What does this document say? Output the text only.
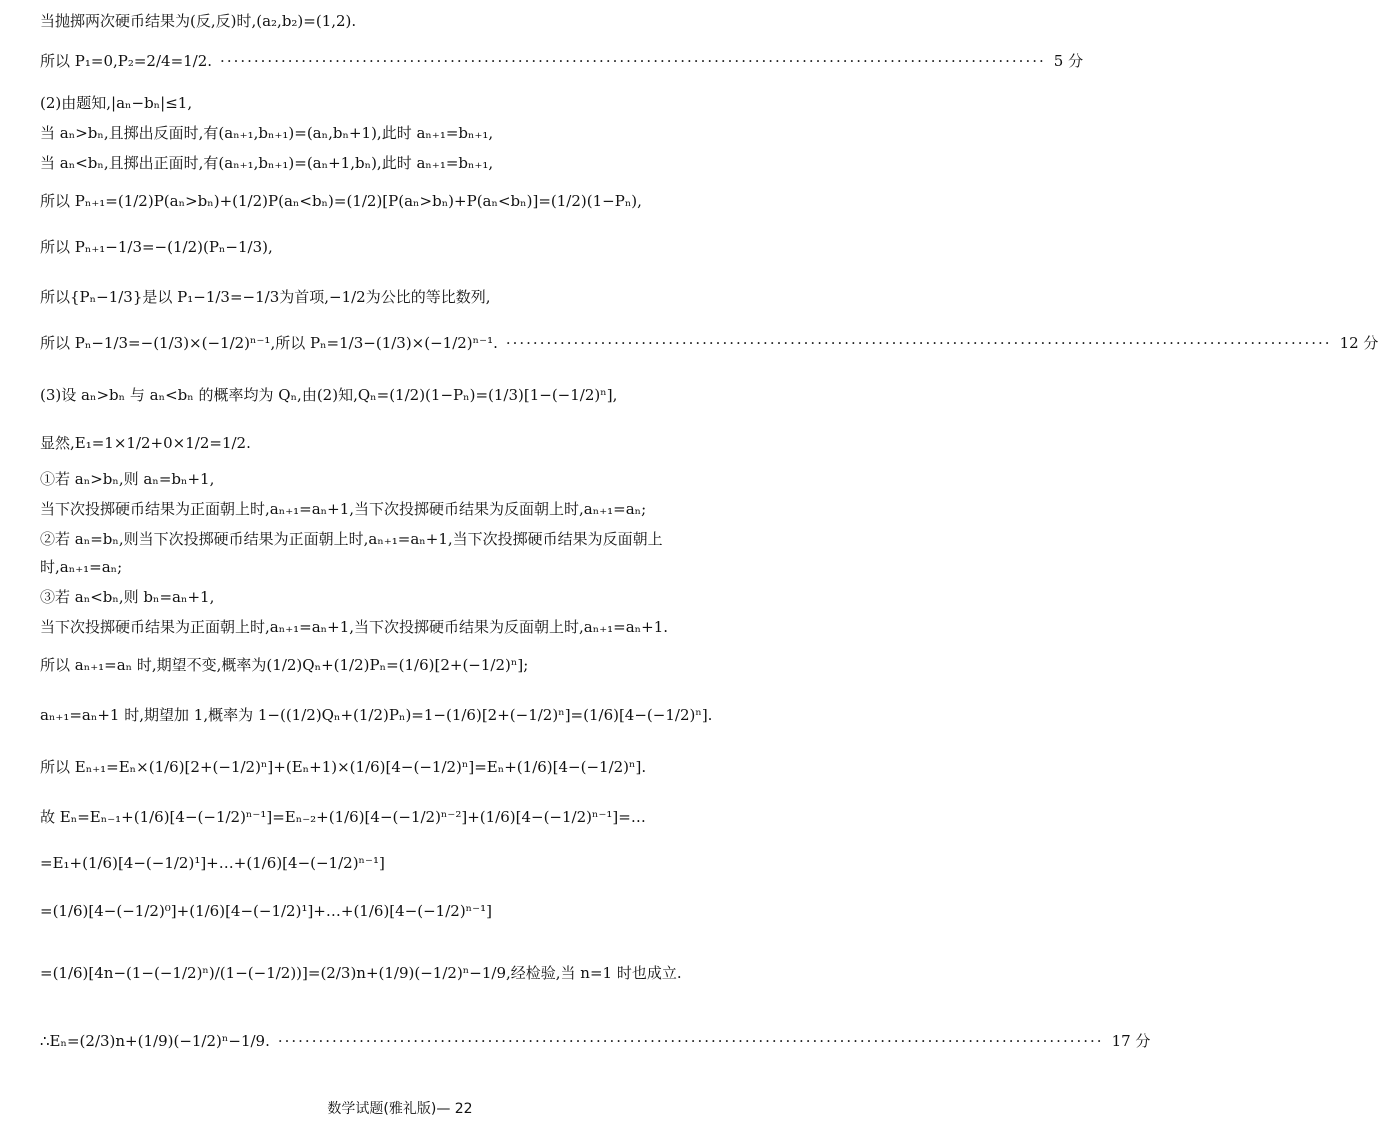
当抛掷两次硬币结果为(反,反)时,(a₂,b₂)=(1,2).
所以 P₁=0,P₂=2/4=1/2. ·························································································································· 5 分
(2)由题知,|aₙ−bₙ|≤1,
当 aₙ>bₙ,且掷出反面时,有(aₙ₊₁,bₙ₊₁)=(aₙ,bₙ+1),此时 aₙ₊₁=bₙ₊₁,
当 aₙ<bₙ,且掷出正面时,有(aₙ₊₁,bₙ₊₁)=(aₙ+1,bₙ),此时 aₙ₊₁=bₙ₊₁,
所以 Pₙ₊₁=(1/2)P(aₙ>bₙ)+(1/2)P(aₙ<bₙ)=(1/2)[P(aₙ>bₙ)+P(aₙ<bₙ)]=(1/2)(1−Pₙ),
所以 Pₙ₊₁−1/3=−(1/2)(Pₙ−1/3),
所以{Pₙ−1/3}是以 P₁−1/3=−1/3为首项,−1/2为公比的等比数列,
所以 Pₙ−1/3=−(1/3)×(−1/2)ⁿ⁻¹,所以 Pₙ=1/3−(1/3)×(−1/2)ⁿ⁻¹. ·························································································································· 12 分
(3)设 aₙ>bₙ 与 aₙ<bₙ 的概率均为 Qₙ,由(2)知,Qₙ=(1/2)(1−Pₙ)=(1/3)[1−(−1/2)ⁿ],
显然,E₁=1×1/2+0×1/2=1/2.
①若 aₙ>bₙ,则 aₙ=bₙ+1,
当下次投掷硬币结果为正面朝上时,aₙ₊₁=aₙ+1,当下次投掷硬币结果为反面朝上时,aₙ₊₁=aₙ;
②若 aₙ=bₙ,则当下次投掷硬币结果为正面朝上时,aₙ₊₁=aₙ+1,当下次投掷硬币结果为反面朝上
时,aₙ₊₁=aₙ;
③若 aₙ<bₙ,则 bₙ=aₙ+1,
当下次投掷硬币结果为正面朝上时,aₙ₊₁=aₙ+1,当下次投掷硬币结果为反面朝上时,aₙ₊₁=aₙ+1.
所以 aₙ₊₁=aₙ 时,期望不变,概率为(1/2)Qₙ+(1/2)Pₙ=(1/6)[2+(−1/2)ⁿ];
aₙ₊₁=aₙ+1 时,期望加 1,概率为 1−((1/2)Qₙ+(1/2)Pₙ)=1−(1/6)[2+(−1/2)ⁿ]=(1/6)[4−(−1/2)ⁿ].
所以 Eₙ₊₁=Eₙ×(1/6)[2+(−1/2)ⁿ]+(Eₙ+1)×(1/6)[4−(−1/2)ⁿ]=Eₙ+(1/6)[4−(−1/2)ⁿ].
故 Eₙ=Eₙ₋₁+(1/6)[4−(−1/2)ⁿ⁻¹]=Eₙ₋₂+(1/6)[4−(−1/2)ⁿ⁻²]+(1/6)[4−(−1/2)ⁿ⁻¹]=…
=E₁+(1/6)[4−(−1/2)¹]+…+(1/6)[4−(−1/2)ⁿ⁻¹]
=(1/6)[4−(−1/2)⁰]+(1/6)[4−(−1/2)¹]+…+(1/6)[4−(−1/2)ⁿ⁻¹]
=(1/6)[4n−(1−(−1/2)ⁿ)/(1−(−1/2))]=(2/3)n+(1/9)(−1/2)ⁿ−1/9,经检验,当 n=1 时也成立.
∴Eₙ=(2/3)n+(1/9)(−1/2)ⁿ−1/9. ·························································································································· 17 分
数学试题(雅礼版)— 22
